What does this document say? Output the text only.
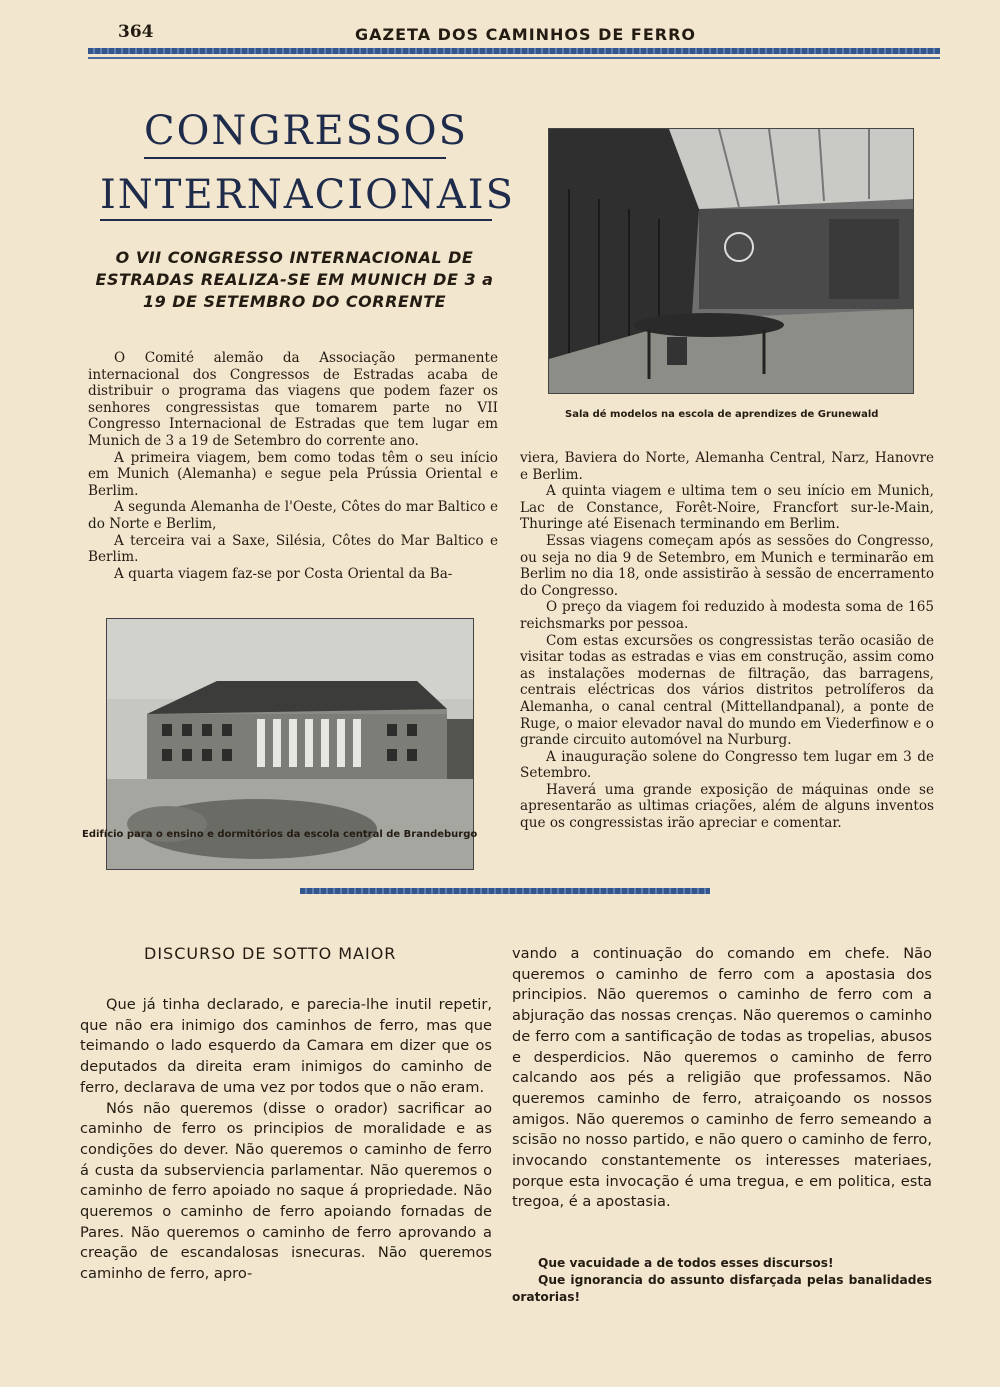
364	GAZETA DOS CAMINHOS DE FERRO
CONGRESSOS
INTERNACIONAIS
O VII CONGRESSO INTERNACIONAL DE ESTRADAS REALIZA-SE EM MUNICH DE 3 a 19 DE SETEMBRO DO CORRENTE
Sala dé modelos na escola de aprendizes de Grunewald

O Comité alemão da Associação permanente internacional dos Congressos de Estradas acaba de distribuir o programa das viagens que podem fazer os senhores congressistas que tomarem parte no VII Congresso Internacional de Estradas que tem lugar em Munich de 3 a 19 de Setembro do corrente ano.

A primeira viagem, bem como todas têm o seu início em Munich (Alemanha) e segue pela Prússia Oriental e Berlim.

A segunda Alemanha de l'Oeste, Côtes do mar Baltico e do Norte e Berlim,

A terceira vai a Saxe, Silésia, Côtes do Mar Baltico e Berlim.

A quarta viagem faz-se por Costa Oriental da Ba-

Edifício para o ensino e dormitórios da escola central de Brandeburgo

viera, Baviera do Norte, Alemanha Central, Narz, Hanovre e Berlim.

A quinta viagem e ultima tem o seu início em Munich, Lac de Constance, Forêt-Noire, Francfort sur-le-Main, Thuringe até Eisenach terminando em Berlim.

Essas viagens começam após as sessões do Congresso, ou seja no dia 9 de Setembro, em Munich e terminarão em Berlim no dia 18, onde assistirão à sessão de encerramento do Congresso.

O preço da viagem foi reduzido à modesta soma de 165 reichsmarks por pessoa.

Com estas excursões os congressistas terão ocasião de visitar todas as estradas e vias em construção, assim como as instalações modernas de filtração, das barragens, centrais eléctricas dos vários distritos petrolíferos da Alemanha, o canal central (Mittellandpanal), a ponte de Ruge, o maior elevador naval do mundo em Viederfinow e o grande circuito automóvel na Nurburg.

A inauguração solene do Congresso tem lugar em 3 de Setembro.

Haverá uma grande exposição de máquinas onde se apresentarão as ultimas criações, além de alguns inventos que os congressistas irão apreciar e comentar.

DISCURSO DE SOTTO MAIOR

Que já tinha declarado, e parecia-lhe inutil repetir, que não era inimigo dos caminhos de ferro, mas que teimando o lado esquerdo da Camara em dizer que os deputados da direita eram inimigos do caminho de ferro, declarava de uma vez por todos que o não eram.

Nós não queremos (disse o orador) sacrificar ao caminho de ferro os principios de moralidade e as condições do dever. Não queremos o caminho de ferro á custa da subserviencia parlamentar. Não queremos o caminho de ferro apoiado no saque á propriedade. Não queremos o caminho de ferro apoiando fornadas de Pares. Não queremos o caminho de ferro aprovando a creação de escandalosas isnecuras. Não queremos caminho de ferro, apro-

vando a continuação do comando em chefe. Não queremos o caminho de ferro com a apostasia dos principios. Não queremos o caminho de ferro com a abjuração das nossas crenças. Não queremos o caminho de ferro com a santificação de todas as tropelias, abusos e desperdicios. Não queremos o caminho de ferro calcando aos pés a religião que professamos. Não queremos caminho de ferro, atraiçoando os nossos amigos. Não queremos o caminho de ferro semeando a scisão no nosso partido, e não quero o caminho de ferro, invocando constantemente os interesses materiaes, porque esta invocação é uma tregua, e em politica, esta tregoa, é a apostasia.

Que vacuidade a de todos esses discursos!

Que ignorancia do assunto disfarçada pelas banalidades oratorias!
